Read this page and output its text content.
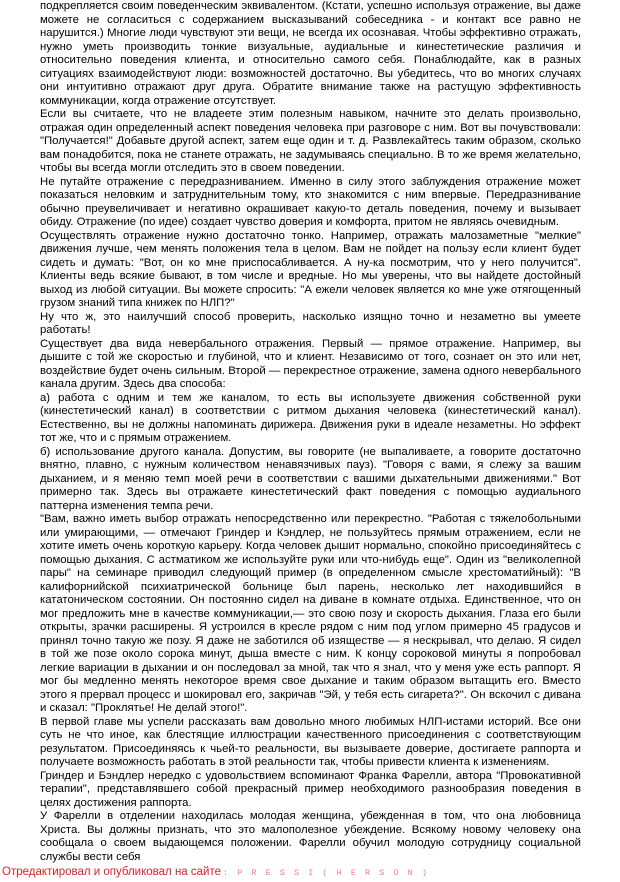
подкрепляется своим поведенческим эквивалентом. (Кстати, успешно используя отражение, вы даже можете не согласиться с содержанием высказываний собеседника - и контакт все равно не нарушится.) Многие люди чувствуют эти вещи, не всегда их осознавая. Чтобы эффективно отражать, нужно уметь производить тонкие визуальные, аудиальные и кинестетические различия и относительно поведения клиента, и относительно самого себя. Понаблюдайте, как в разных ситуациях взаимодействуют люди: возможностей достаточно. Вы убедитесь, что во многих случаях они интуитивно отражают друг друга. Обратите внимание также на растущую эффективность коммуникации, когда отражение отсутствует.

Если вы считаете, что не владеете этим полезным навыком, начните это делать произвольно, отражая один определенный аспект поведения человека при разговоре с ним. Вот вы почувствовали: "Получается!" Добавьте другой аспект, затем еще один и т. д. Развлекайтесь таким образом, сколько вам понадобится, пока не станете отражать, не задумываясь специально. В то же время желательно, чтобы вы всегда могли отследить это в своем поведении.

Не путайте отражение с передразниванием. Именно в силу этого заблуждения отражение может показаться неловким и затруднительным тому, кто знакомится с ним впервые. Передразнивание обычно преувеличивает и негативно окрашивает какую-то деталь поведения, почему и вызывает обиду. Отражение (по идее) создает чувство доверия и комфорта, притом не являясь очевидным.

Осуществлять отражение нужно достаточно тонко. Например, отражать малозаметные "мелкие" движения лучше, чем менять положения тела в целом. Вам не пойдет на пользу если клиент будет сидеть и думать: "Вот, он ко мне приспосабливается. А ну-ка посмотрим, что у него получится". Клиенты ведь всякие бывают, в том числе и вредные. Но мы уверены, что вы найдете достойный выход из любой ситуации. Вы можете спросить: "А ежели человек является ко мне уже отягощенный грузом знаний типа книжек по НЛП?"

Ну что ж, это наилучший способ проверить, насколько изящно точно и незаметно вы умеете работать!

Существует два вида невербального отражения. Первый — прямое отражение. Например, вы дышите с той же скоростью и глубиной, что и клиент. Независимо от того, сознает он это или нет, воздействие будет очень сильным. Второй — перекрестное отражение, замена одного невербального канала другим. Здесь два способа:

а) работа с одним и тем же каналом, то есть вы используете движения собственной руки (кинестетический канал) в соответствии с ритмом дыхания человека (кинестетический канал). Естественно, вы не должны напоминать дирижера. Движения руки в идеале незаметны. Но эффект тот же, что и с прямым отражением.

б) использование другого канала. Допустим, вы говорите (не выпаливаете, а говорите достаточно внятно, плавно, с нужным количеством ненавязчивых пауз). "Говоря с вами, я слежу за вашим дыханием, и я меняю темп моей речи в соответствии с вашими дыхательными движениями." Вот примерно так. Здесь вы отражаете кинестетический факт поведения с помощью аудиального паттерна изменения темпа речи.

"Вам, важно иметь выбор отражать непосредственно или перекрестно. "Работая с тяжелобольными или умирающими, — отмечают Гриндер и Кэндлер, не пользуйтесь прямым отражением, если не хотите иметь очень короткую карьеру. Когда человек дышит нормально, спокойно присоединяйтесь с помощью дыхания. С астматиком же используйте руки или что-нибудь еще". Один из "великолепной пары" на семинаре приводил следующий пример (в определенном смысле хрестоматийный): "В калифорнийской психиатрической больнице был парень, несколько лет находившийся в кататоническом состоянии. Он постоянно сидел на диване в комнате отдыха. Единственное, что он мог предложить мне в качестве коммуникации,— это свою позу и скорость дыхания. Глаза его были открыты, зрачки расширены. Я устроился в кресле рядом с ним под углом примерно 45 градусов и принял точно такую же позу. Я даже не заботился об изяществе — я нескрывал, что делаю. Я сидел в той же позе около сорока минут, дыша вместе с ним. К концу сороковой минуты я попробовал легкие вариации в дыхании и он последовал за мной, так что я знал, что у меня уже есть раппорт. Я мог бы медленно менять некоторое время свое дыхание и таким образом вытащить его. Вместо этого я прервал процесс и шокировал его, закричав "Эй, у тебя есть сигарета?". Он вскочил с дивана и сказал: "Проклятье! Не делай этого!".

В первой главе мы успели рассказать вам довольно много любимых НЛП-истами историй. Все они суть не что иное, как блестящие иллюстрации качественного присоединения с соответствующим результатом. Присоединяясь к чьей-то реальности, вы вызываете доверие, достигаете раппорта и получаете возможность работать в этой реальности так, чтобы привести клиента к изменениям.

Гриндер и Бэндлер нередко с удовольствием вспоминают Франка Фарелли, автора "Провокативной терапии", представлявшего собой прекрасный пример необходимого разнообразия поведения в целях достижения раппорта.

У Фарелли в отделении находилась молодая женщина, убежденная в том, что она любовница Христа. Вы должны признать, что это малополезное убеждение. Всякому новому человеку она сообщала о своем выдающемся положении. Фарелли обучил молодую сотрудницу социальной службы вести себя

Отредактировал и опубликовал на сайте : P R E S S I ( H E R S O N )
